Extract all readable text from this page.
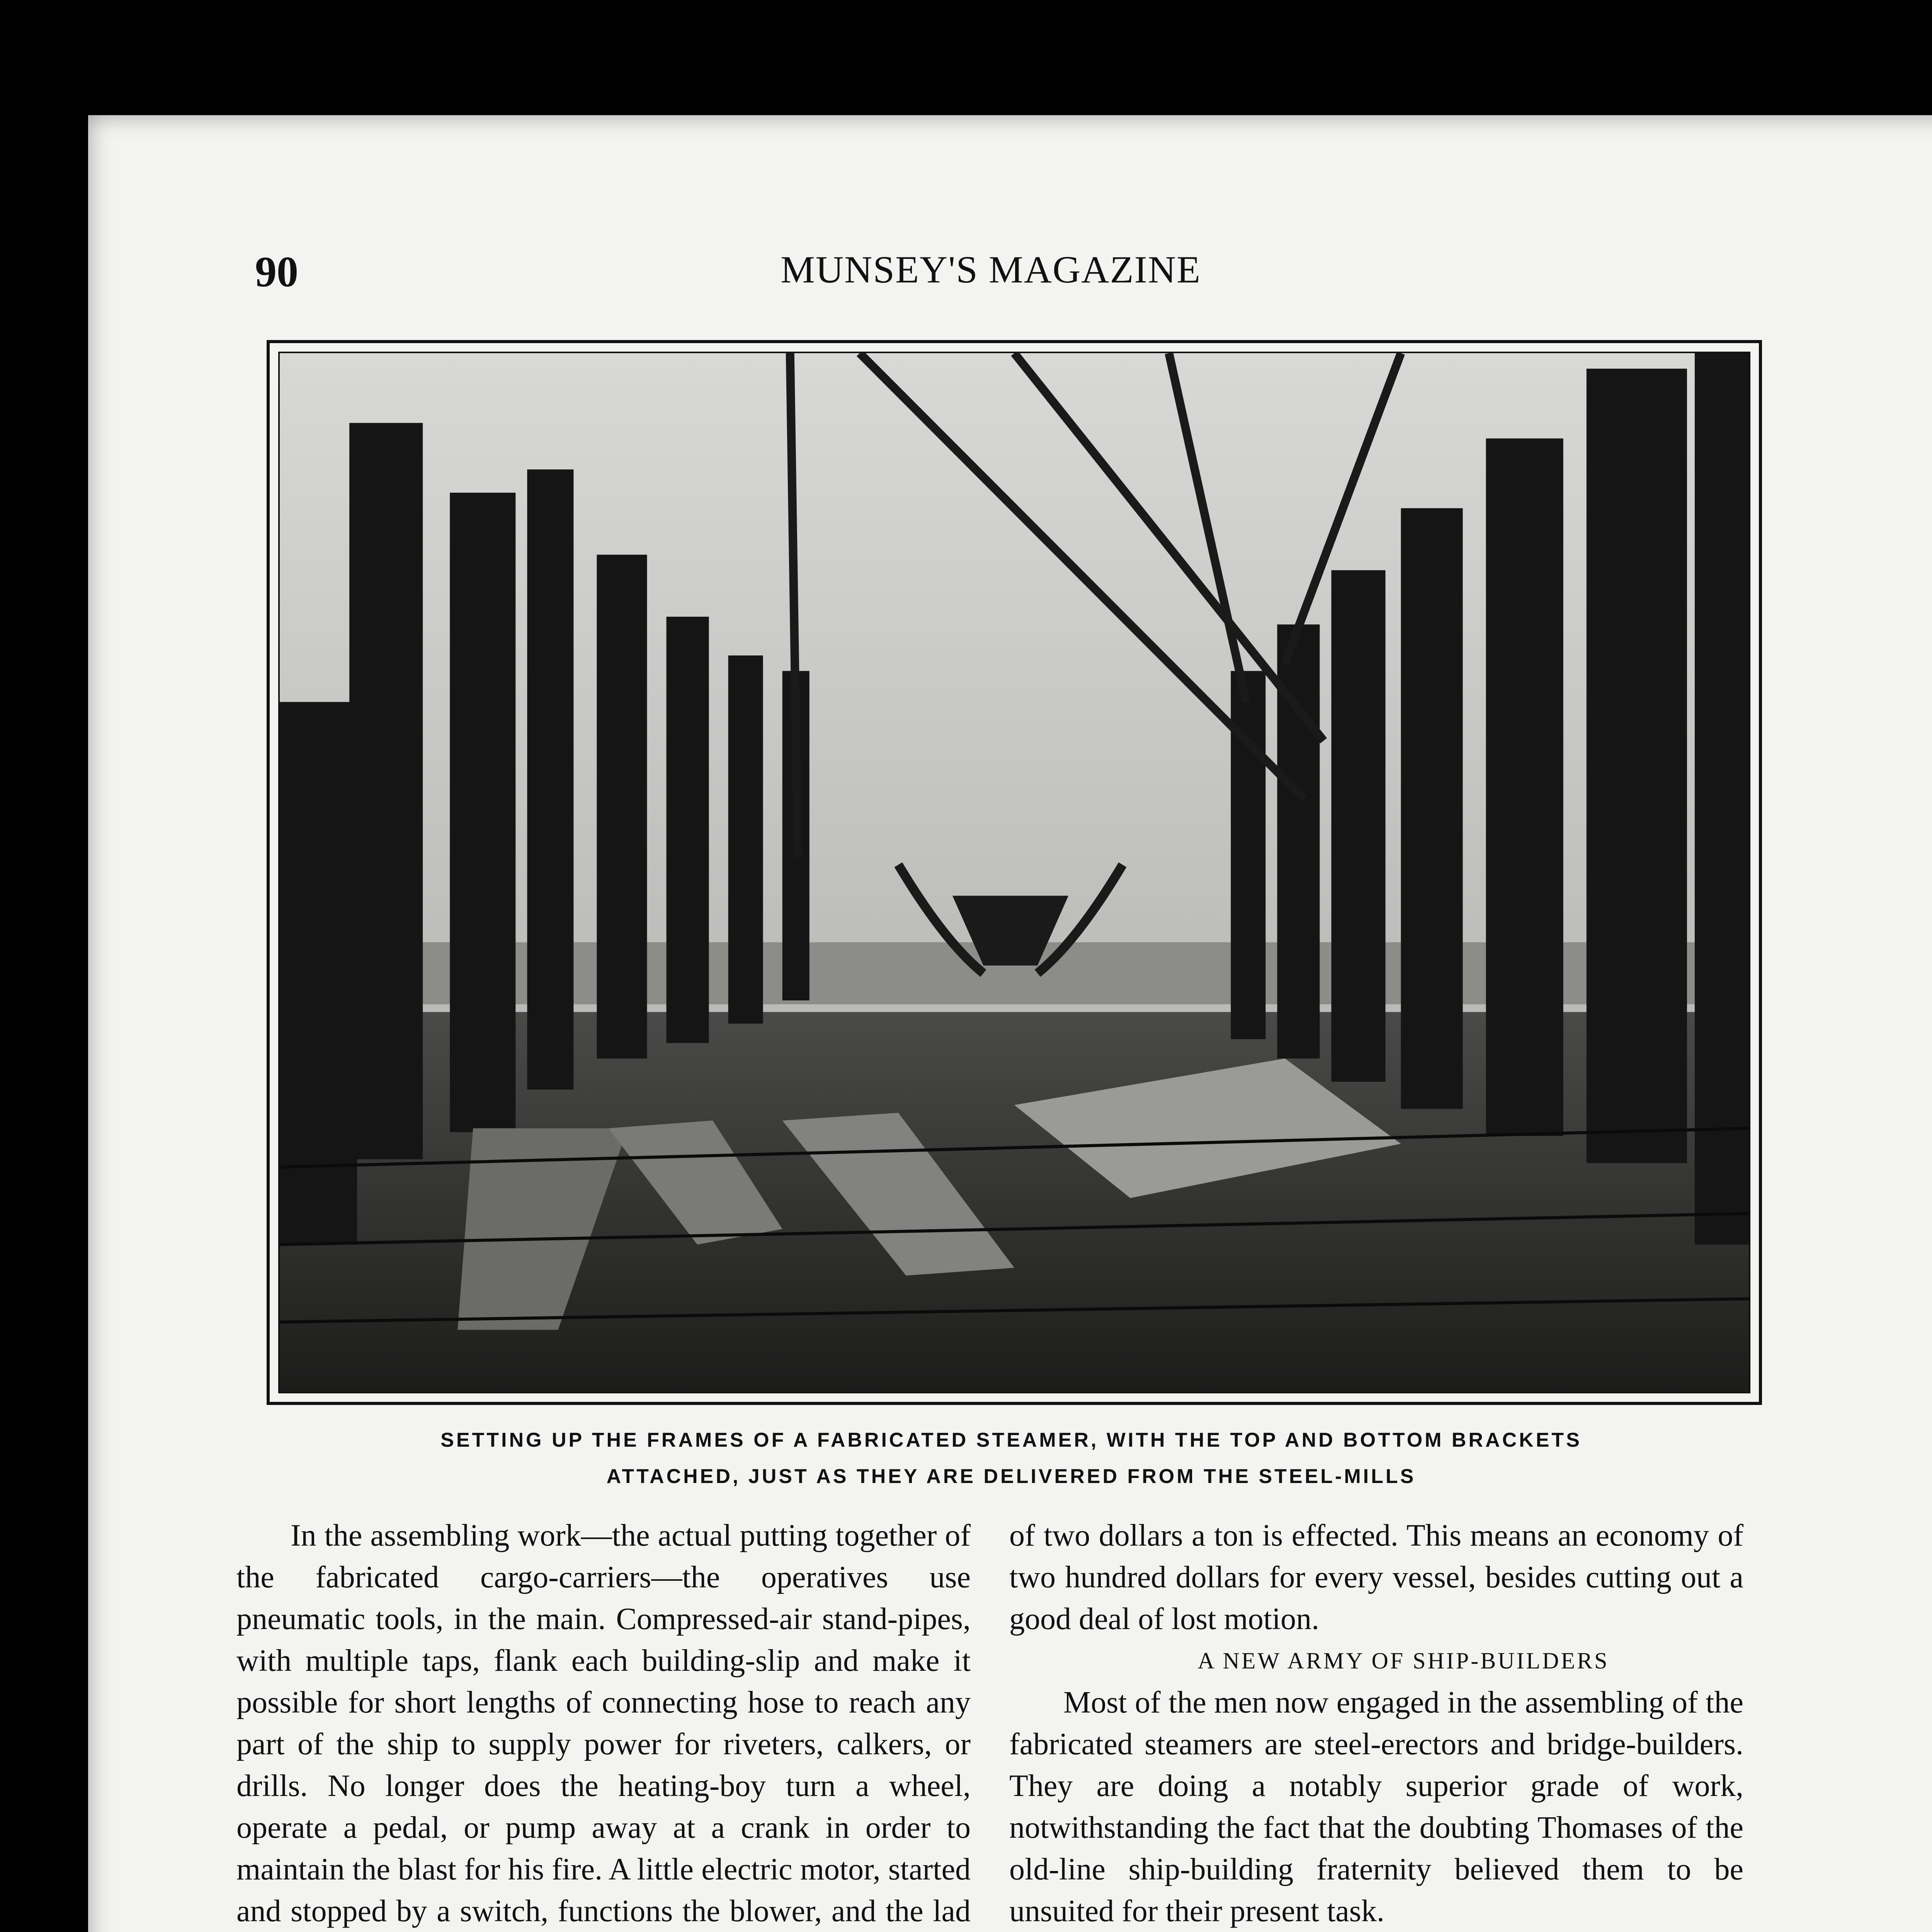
90	MUNSEY'S MAGAZINE
SETTING UP THE FRAMES OF A FABRICATED STEAMER, WITH THE TOP AND BOTTOM BRACKETS
ATTACHED, JUST AS THEY ARE DELIVERED FROM THE STEEL-MILLS

In the assembling work—the actual putting together of the fabricated cargo-carriers—the operatives use pneumatic tools, in the main. Compressed-air stand-pipes, with multiple taps, flank each building-slip and make it possible for short lengths of connecting hose to reach any part of the ship to supply power for riveters, calkers, or drills. No longer does the heating-boy turn a wheel, operate a pedal, or pump away at a crank in order to maintain the blast for his fire. A little electric motor, started and stopped by a switch, functions the blower, and the lad

of two dollars a ton is effected. This means an economy of two hundred dollars for every vessel, besides cutting out a good deal of lost motion.

A NEW ARMY OF SHIP-BUILDERS

Most of the men now engaged in the assembling of the fabricated steamers are steel-erectors and bridge-builders. They are doing a notably superior grade of work, notwithstanding the fact that the doubting Thomases of the old-line ship-building fraternity believed them to be unsuited for their present task.
